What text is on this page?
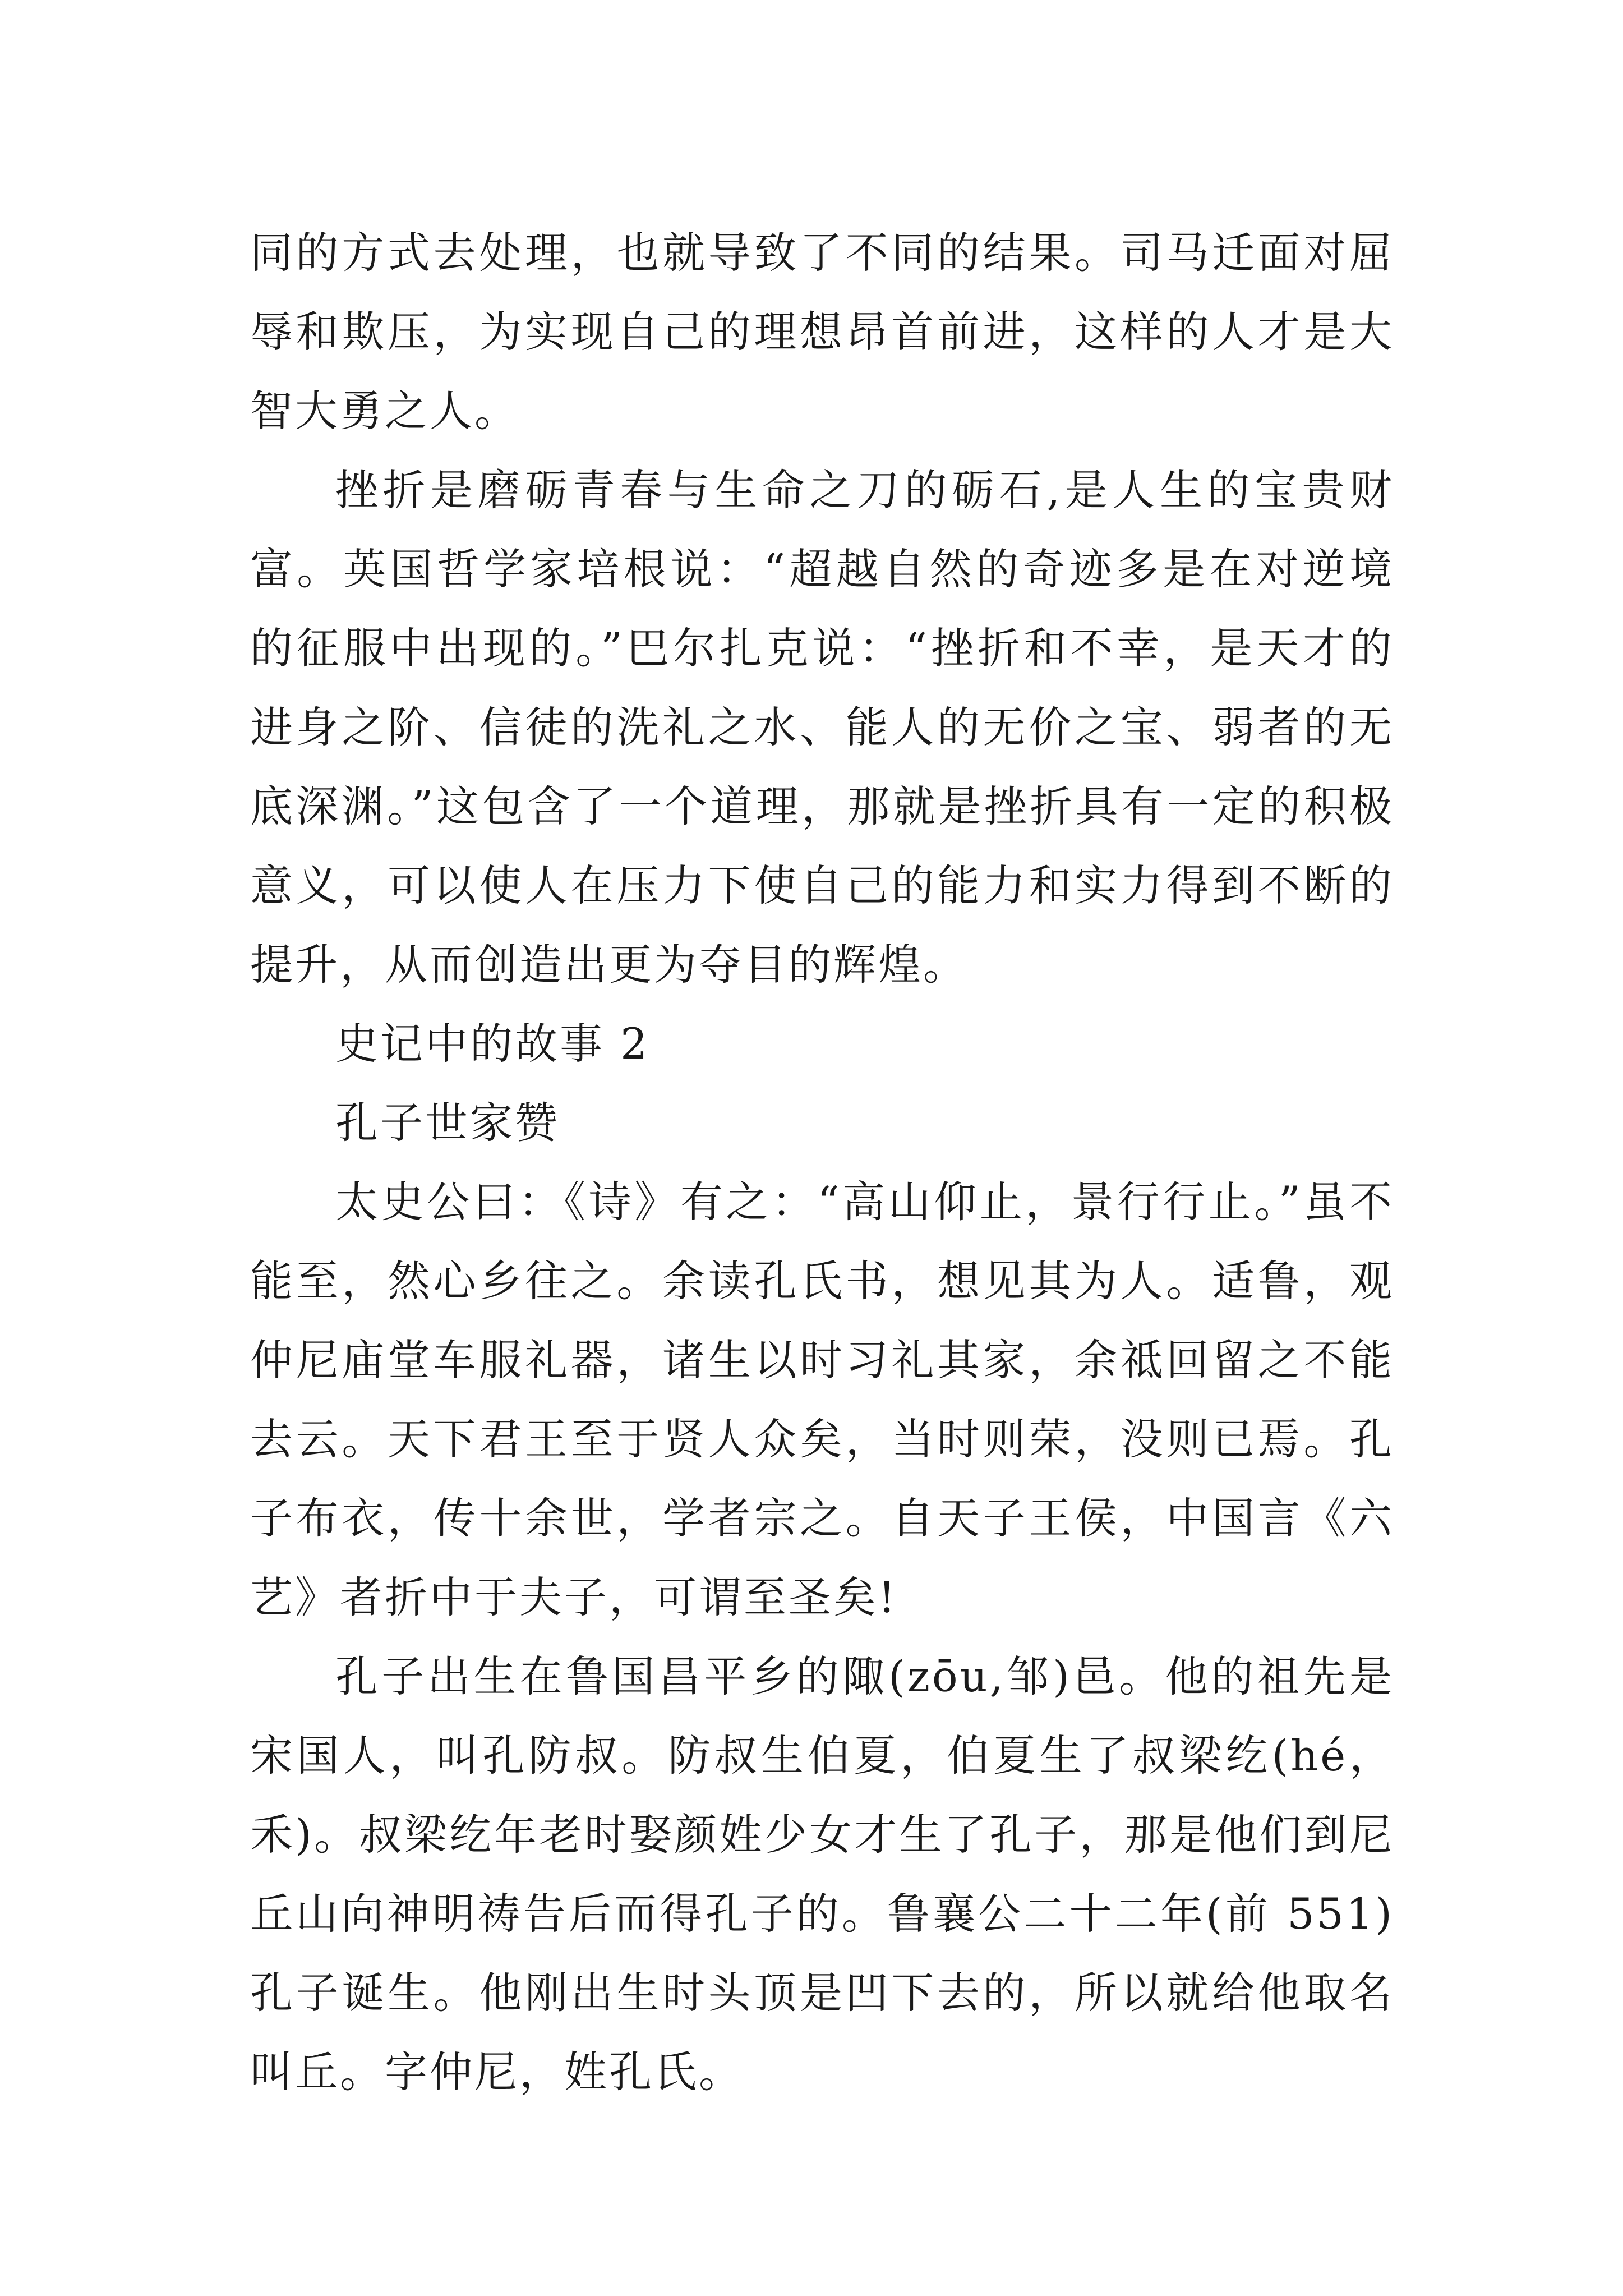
同的方式去处理，也就导致了不同的结果。司马迁面对屈辱和欺压，为实现自己的理想昂首前进，这样的人才是大智大勇之人。

挫折是磨砺青春与生命之刀的砺石,是人生的宝贵财富。英国哲学家培根说：“超越自然的奇迹多是在对逆境的征服中出现的。”巴尔扎克说：“挫折和不幸，是天才的进身之阶、信徒的洗礼之水、能人的无价之宝、弱者的无底深渊。”这包含了一个道理，那就是挫折具有一定的积极意义，可以使人在压力下使自己的能力和实力得到不断的提升，从而创造出更为夺目的辉煌。

史记中的故事 2

孔子世家赞

太史公曰：《诗》有之：“高山仰止，景行行止。”虽不能至，然心乡往之。余读孔氏书，想见其为人。适鲁，观仲尼庙堂车服礼器，诸生以时习礼其家，余祗回留之不能去云。天下君王至于贤人众矣，当时则荣，没则已焉。孔子布衣，传十余世，学者宗之。自天子王侯，中国言《六艺》者折中于夫子，可谓至圣矣!

孔子出生在鲁国昌平乡的陬(zōu,邹)邑。他的祖先是宋国人，叫孔防叔。防叔生伯夏，伯夏生了叔梁纥(hé，禾)。叔梁纥年老时娶颜姓少女才生了孔子，那是他们到尼丘山向神明祷告后而得孔子的。鲁襄公二十二年(前 551)孔子诞生。他刚出生时头顶是凹下去的，所以就给他取名叫丘。字仲尼，姓孔氏。
